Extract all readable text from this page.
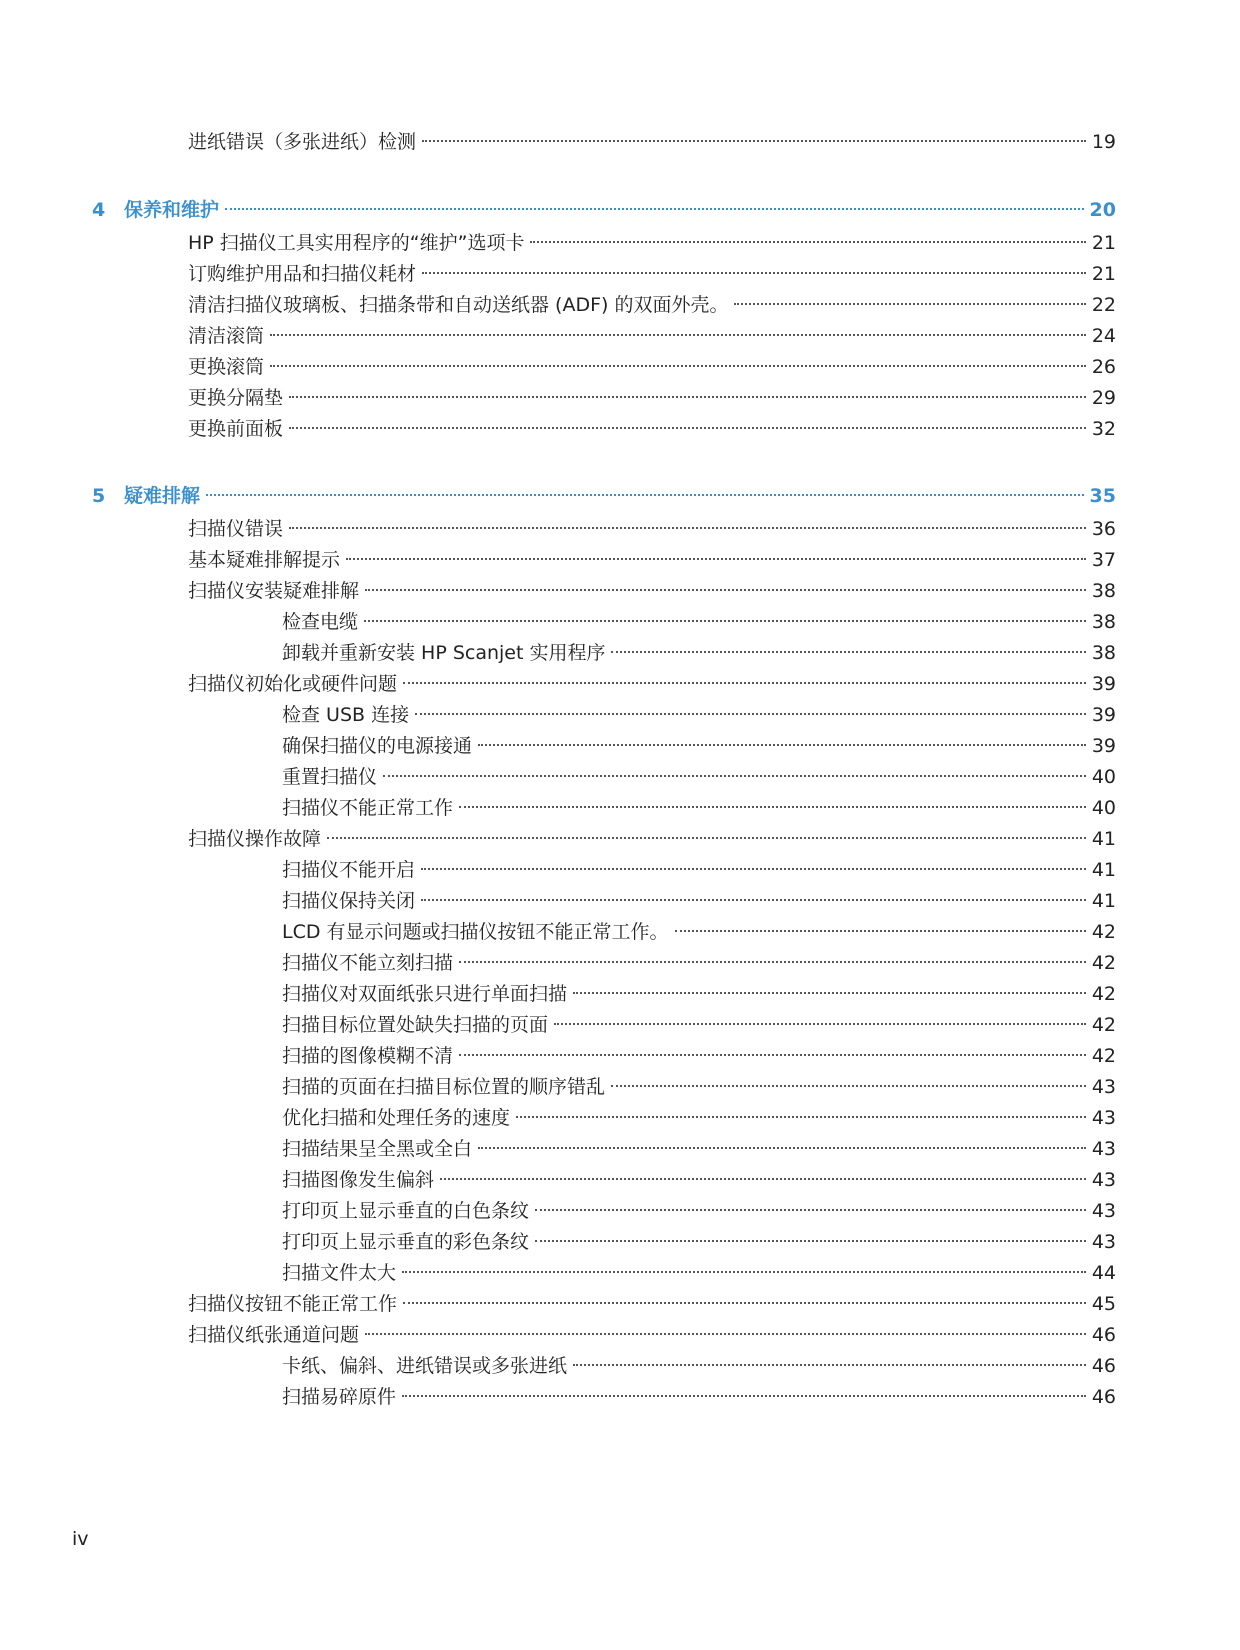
进纸错误（多张进纸）检测	19
4 保养和维护	20
HP 扫描仪工具实用程序的“维护”选项卡	21
订购维护用品和扫描仪耗材	21
清洁扫描仪玻璃板、扫描条带和自动送纸器 (ADF) 的双面外壳。	22
清洁滚筒	24
更换滚筒	26
更换分隔垫	29
更换前面板	32
5 疑难排解	35
扫描仪错误	36
基本疑难排解提示	37
扫描仪安装疑难排解	38
检查电缆	38
卸载并重新安装 HP Scanjet 实用程序	38
扫描仪初始化或硬件问题	39
检查 USB 连接	39
确保扫描仪的电源接通	39
重置扫描仪	40
扫描仪不能正常工作	40
扫描仪操作故障	41
扫描仪不能开启	41
扫描仪保持关闭	41
LCD 有显示问题或扫描仪按钮不能正常工作。	42
扫描仪不能立刻扫描	42
扫描仪对双面纸张只进行单面扫描	42
扫描目标位置处缺失扫描的页面	42
扫描的图像模糊不清	42
扫描的页面在扫描目标位置的顺序错乱	43
优化扫描和处理任务的速度	43
扫描结果呈全黑或全白	43
扫描图像发生偏斜	43
打印页上显示垂直的白色条纹	43
打印页上显示垂直的彩色条纹	43
扫描文件太大	44
扫描仪按钮不能正常工作	45
扫描仪纸张通道问题	46
卡纸、偏斜、进纸错误或多张进纸	46
扫描易碎原件	46
iv
